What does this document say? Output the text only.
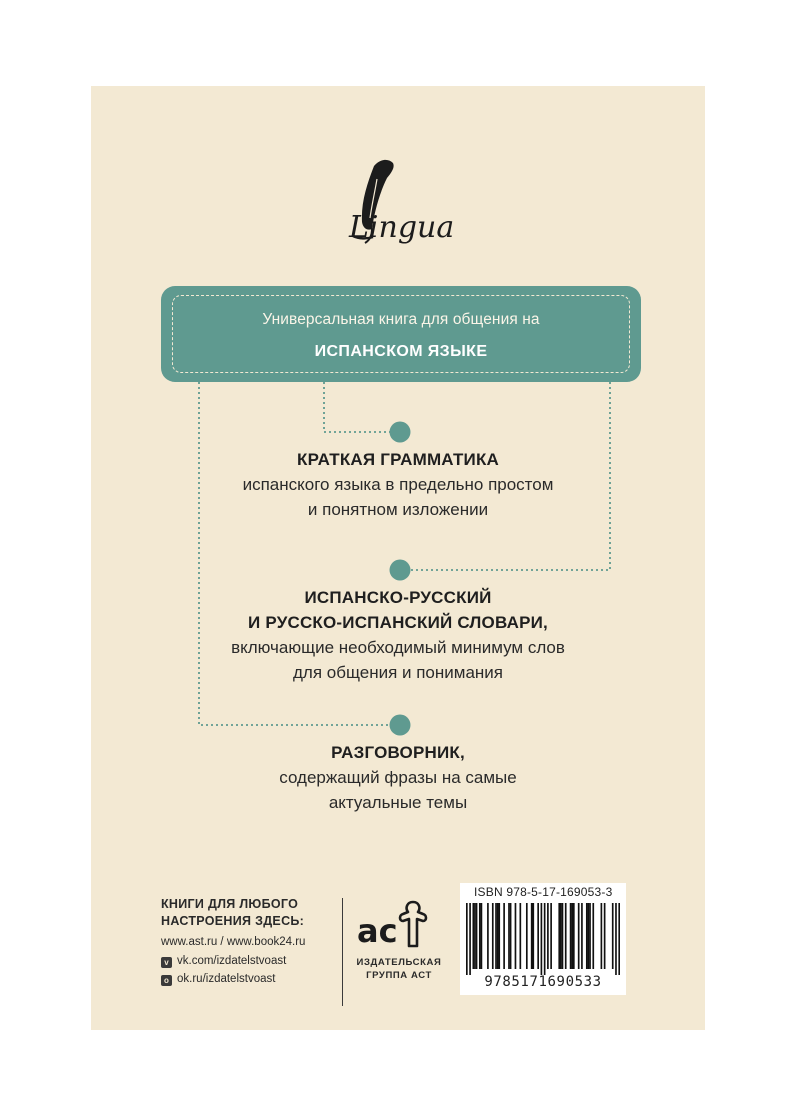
Lingua
Универсальная книга для общения на
ИСПАНСКОМ ЯЗЫКЕ
КРАТКАЯ ГРАММАТИКА
испанского языка в предельно простом
и понятном изложении
ИСПАНСКО-РУССКИЙ
И РУССКО-ИСПАНСКИЙ СЛОВАРИ,
включающие необходимый минимум слов
для общения и понимания
РАЗГОВОРНИК,
содержащий фразы на самые
актуальные темы
КНИГИ ДЛЯ ЛЮБОГО
НАСТРОЕНИЯ ЗДЕСЬ:
www.ast.ru / www.book24.ru
v vk.com/izdatelstvoast
o ok.ru/izdatelstvoast
ac
ИЗДАТЕЛЬСКАЯ
ГРУППА АСТ
ISBN 978-5-17-169053-3
9785171690533
